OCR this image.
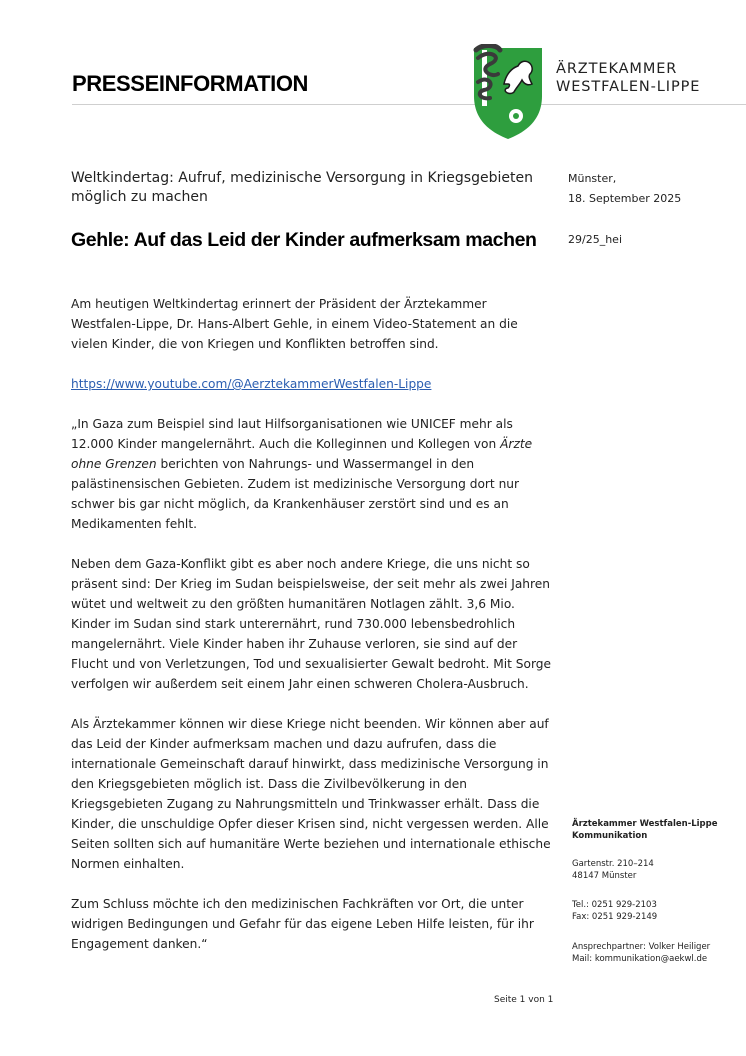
PRESSEINFORMATION
ÄRZTEKAMMER
WESTFALEN-LIPPE
Weltkindertag: Aufruf, medizinische Versorgung in Kriegsgebieten
möglich zu machen
Gehle: Auf das Leid der Kinder aufmerksam machen
Münster,
18. September 2025
29/25_hei

Am heutigen Weltkindertag erinnert der Präsident der Ärztekammer Westfalen-Lippe, Dr. Hans-Albert Gehle, in einem Video-Statement an die vielen Kinder, die von Kriegen und Konflikten betroffen sind.

https://www.youtube.com/@AerztekammerWestfalen-Lippe

„In Gaza zum Beispiel sind laut Hilfsorganisationen wie UNICEF mehr als 12.000 Kinder mangelernährt. Auch die Kolleginnen und Kollegen von Ärzte ohne Grenzen berichten von Nahrungs- und Wassermangel in den palästinensischen Gebieten. Zudem ist medizinische Versorgung dort nur schwer bis gar nicht möglich, da Krankenhäuser zerstört sind und es an Medikamenten fehlt.

Neben dem Gaza-Konflikt gibt es aber noch andere Kriege, die uns nicht so präsent sind: Der Krieg im Sudan beispielsweise, der seit mehr als zwei Jahren wütet und weltweit zu den größten humanitären Notlagen zählt. 3,6 Mio. Kinder im Sudan sind stark unterernährt, rund 730.000 lebensbedrohlich mangelernährt. Viele Kinder haben ihr Zuhause verloren, sie sind auf der Flucht und von Verletzungen, Tod und sexualisierter Gewalt bedroht. Mit Sorge verfolgen wir außerdem seit einem Jahr einen schweren Cholera-Ausbruch.

Als Ärztekammer können wir diese Kriege nicht beenden. Wir können aber auf das Leid der Kinder aufmerksam machen und dazu aufrufen, dass die internationale Gemeinschaft darauf hinwirkt, dass medizinische Versorgung in den Kriegsgebieten möglich ist. Dass die Zivilbevölkerung in den Kriegsgebieten Zugang zu Nahrungsmitteln und Trinkwasser erhält. Dass die Kinder, die unschuldige Opfer dieser Krisen sind, nicht vergessen werden. Alle Seiten sollten sich auf humanitäre Werte beziehen und internationale ethische Normen einhalten.

Zum Schluss möchte ich den medizinischen Fachkräften vor Ort, die unter widrigen Bedingungen und Gefahr für das eigene Leben Hilfe leisten, für ihr Engagement danken.“

Ärztekammer Westfalen-Lippe
Kommunikation
Gartenstr. 210–214
48147 Münster
Tel.: 0251 929-2103
Fax: 0251 929-2149
Ansprechpartner: Volker Heiliger
Mail: kommunikation@aekwl.de
Seite 1 von 1
